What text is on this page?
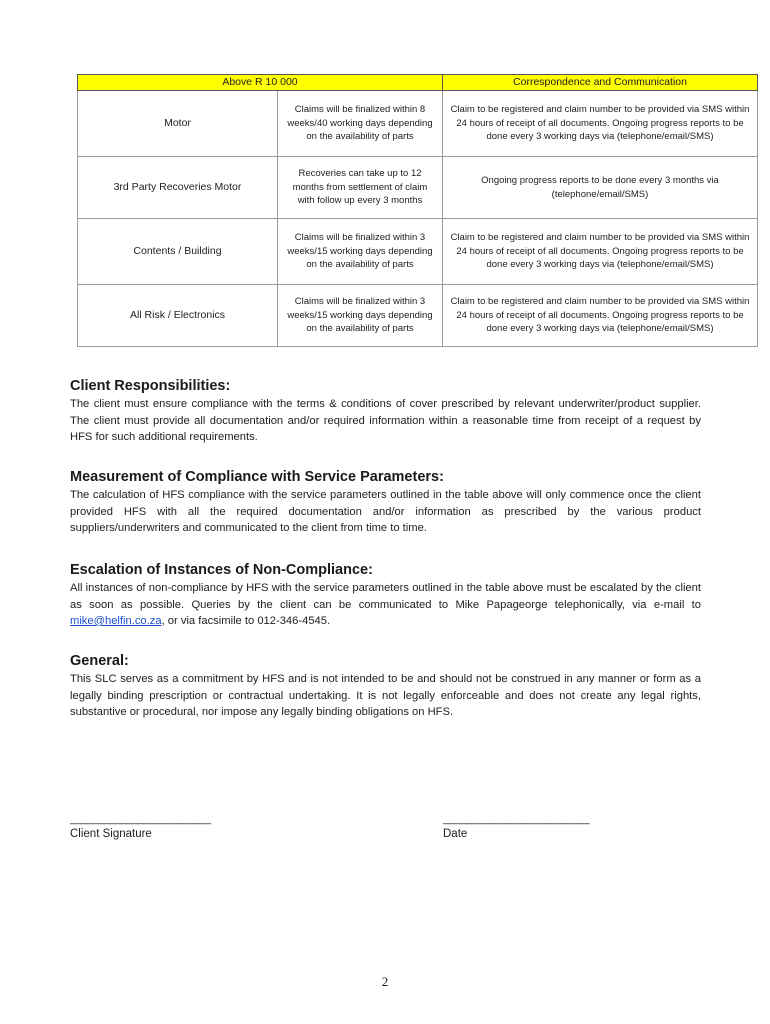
Above R 10 000		Correspondence and Communication
Motor	Claims will be finalized within 8 weeks/40 working days depending on the availability of parts	Claim to be registered and claim number to be provided via SMS within 24 hours of receipt of all documents. Ongoing progress reports to be done every 3 working days via (telephone/email/SMS)
3rd Party Recoveries Motor	Recoveries can take up to 12 months from settlement of claim with follow up every 3 months	Ongoing progress reports to be done every 3 months via (telephone/email/SMS)
Contents / Building	Claims will be finalized within 3 weeks/15 working days depending on the availability of parts	Claim to be registered and claim number to be provided via SMS within 24 hours of receipt of all documents. Ongoing progress reports to be done every 3 working days via (telephone/email/SMS)
All Risk / Electronics	Claims will be finalized within 3 weeks/15 working days depending on the availability of parts	Claim to be registered and claim number to be provided via SMS within 24 hours of receipt of all documents. Ongoing progress reports to be done every 3 working days via (telephone/email/SMS)
Client Responsibilities:

The client must ensure compliance with the terms & conditions of cover prescribed by relevant underwriter/product supplier. The client must provide all documentation and/or required information within a reasonable time from receipt of a request by HFS for such additional requirements.

Measurement of Compliance with Service Parameters:

The calculation of HFS compliance with the service parameters outlined in the table above will only commence once the client provided HFS with all the required documentation and/or information as prescribed by the various product suppliers/underwriters and communicated to the client from time to time.

Escalation of Instances of Non-Compliance:

All instances of non-compliance by HFS with the service parameters outlined in the table above must be escalated by the client as soon as possible. Queries by the client can be communicated to Mike Papageorge telephonically, via e-mail to mike@helfin.co.za, or via facsimile to 012-346-4545.

General:

This SLC serves as a commitment by HFS and is not intended to be and should not be construed in any manner or form as a legally binding prescription or contractual undertaking. It is not legally enforceable and does not create any legal rights, substantive or procedural, nor impose any legally binding obligations on HFS.

_________________________
Client Signature
__________________________
Date
2
